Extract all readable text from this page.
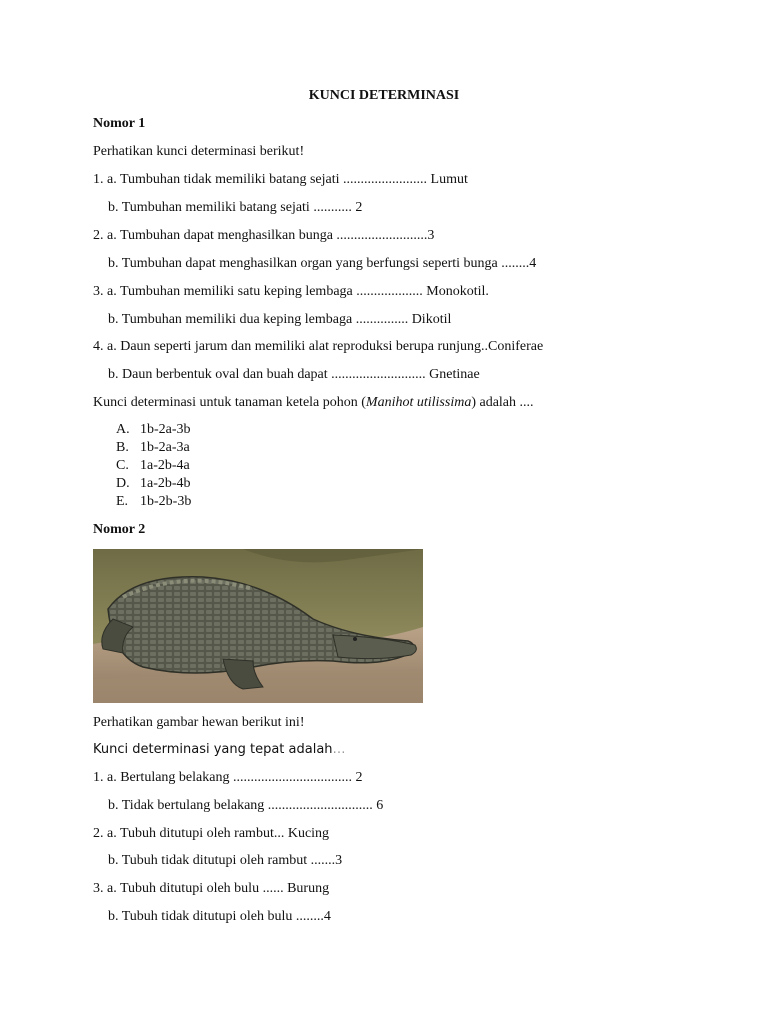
KUNCI DETERMINASI
Nomor 1
Perhatikan kunci determinasi berikut!
1. a. Tumbuhan tidak memiliki batang sejati ........................ Lumut
b. Tumbuhan memiliki batang sejati ........... 2
2. a. Tumbuhan dapat menghasilkan bunga ..........................3
b. Tumbuhan dapat menghasilkan organ yang berfungsi seperti bunga ........4
3. a. Tumbuhan memiliki satu keping lembaga ................... Monokotil.
b. Tumbuhan memiliki dua keping lembaga ............... Dikotil
4. a. Daun seperti jarum dan memiliki alat reproduksi berupa runjung..Coniferae
b. Daun berbentuk oval dan buah dapat ........................... Gnetinae
Kunci determinasi untuk tanaman ketela pohon (Manihot utilissima) adalah ....
A. 1b-2a-3b
B. 1b-2a-3a
C. 1a-2b-4a
D. 1a-2b-4b
E. 1b-2b-3b
Nomor 2
Perhatikan gambar hewan berikut ini!
Kunci determinasi yang tepat adalah…
1. a. Bertulang belakang .................................. 2
b. Tidak bertulang belakang .............................. 6
2. a. Tubuh ditutupi oleh rambut... Kucing
b. Tubuh tidak ditutupi oleh rambut .......3
3. a. Tubuh ditutupi oleh bulu ...... Burung
b. Tubuh tidak ditutupi oleh bulu ........4
